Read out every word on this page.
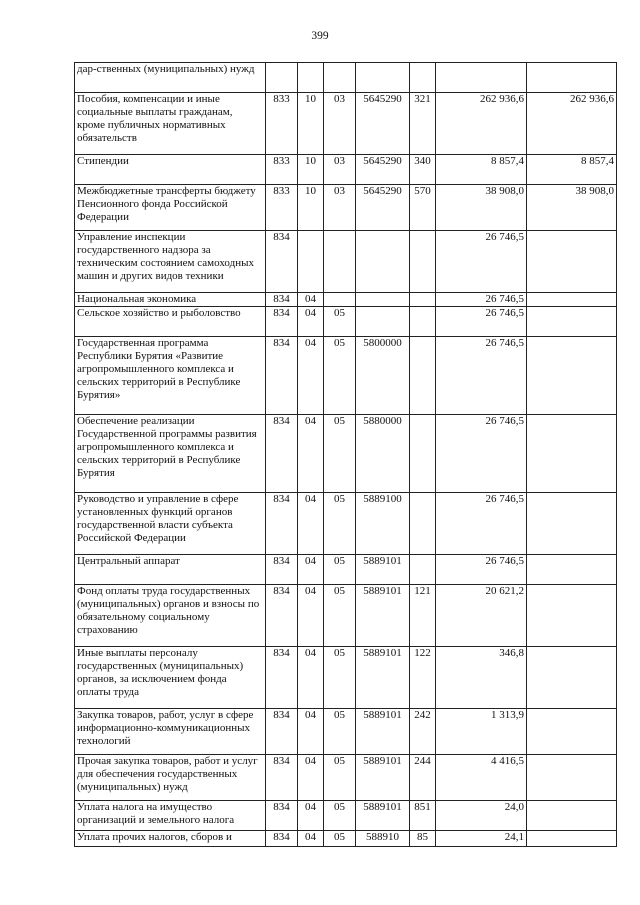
399
дар-ственных (муниципальных) нужд							
Пособия, компенсации и иные социальные выплаты гражданам, кроме публичных нормативных обязательств	833	10	03	5645290	321	262 936,6	262 936,6
Стипендии	833	10	03	5645290	340	8 857,4	8 857,4
Межбюджетные трансферты бюджету Пенсионного фонда Российской Федерации	833	10	03	5645290	570	38 908,0	38 908,0
Управление инспекции государственного надзора за техническим состоянием самоходных машин и других видов техники	834					26 746,5	
Национальная экономика	834	04				26 746,5	
Сельское хозяйство и рыболовство	834	04	05			26 746,5	
Государственная программа Республики Бурятия «Развитие агропромышленного комплекса и сельских территорий в Республике Бурятия»	834	04	05	5800000		26 746,5	
Обеспечение реализации Государственной программы развития агропромышленного комплекса и сельских территорий в Республике Бурятия	834	04	05	5880000		26 746,5	
Руководство и управление в сфере установленных функций органов государственной власти субъекта Российской Федерации	834	04	05	5889100		26 746,5	
Центральный аппарат	834	04	05	5889101		26 746,5	
Фонд оплаты труда государственных (муниципальных) органов и взносы по обязательному социальному страхованию	834	04	05	5889101	121	20 621,2	
Иные выплаты персоналу государственных (муниципальных) органов, за исключением фонда оплаты труда	834	04	05	5889101	122	346,8	
Закупка товаров, работ, услуг в сфере информационно-коммуникационных технологий	834	04	05	5889101	242	1 313,9	
Прочая закупка товаров, работ и услуг для обеспечения государственных (муниципальных) нужд	834	04	05	5889101	244	4 416,5	
Уплата налога на имущество организаций и земельного налога	834	04	05	5889101	851	24,0	
Уплата прочих налогов, сборов и	834	04	05	588910	85	24,1	
